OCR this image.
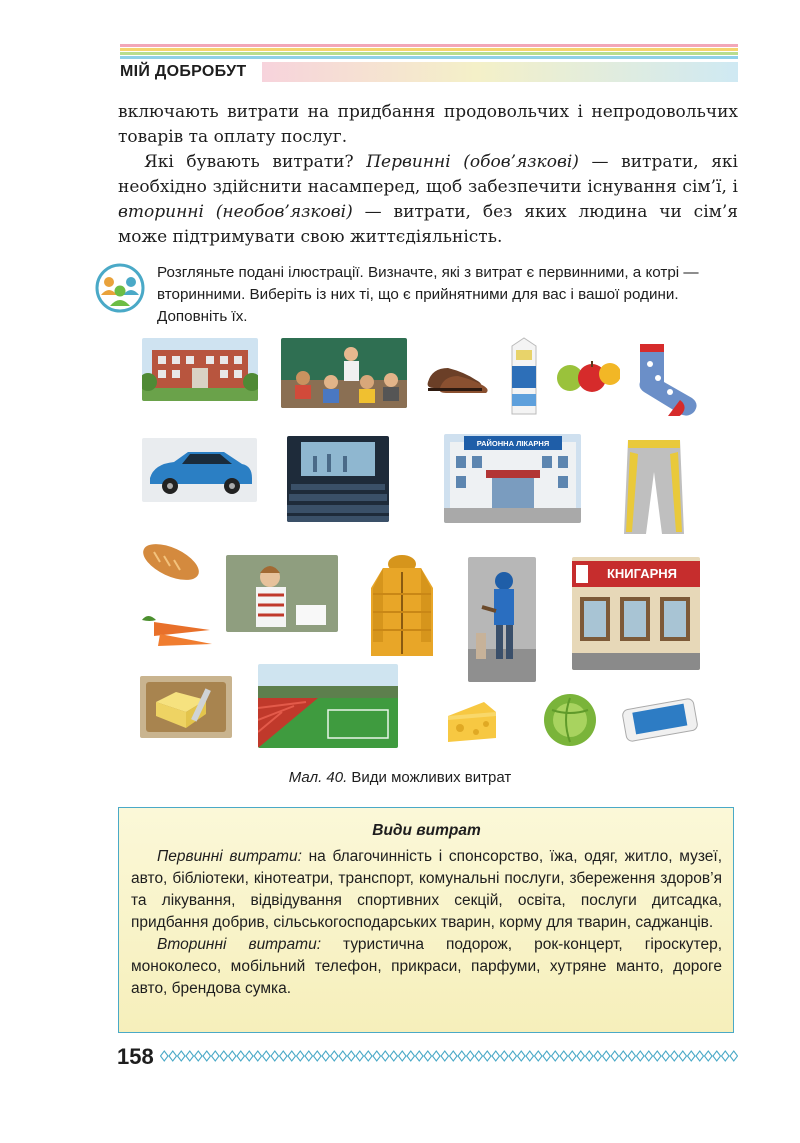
МІЙ ДОБРОБУТ

включають витрати на придбання продовольчих і непродовольчих товарів та оплату послуг.

Які бувають витрати? Первинні (обов’язкові) — витрати, які необхідно здійснити насамперед, щоб забезпечити існування сім’ї, і вторинні (необов’язкові) — витрати, без яких людина чи сім’я може підтримувати свою життєдіяльність.

Розгляньте подані ілюстрації. Визначте, які з витрат є первинними, а котрі — вторинними. Виберіть із них ті, що є прийнятними для вас і вашої родини. Доповніть їх.
РАЙОННА ЛІКАРНЯ
КНИГАРНЯ
Мал. 40. Види можливих витрат
Види витрат

Первинні витрати: на благочинність і спонсорство, їжа, одяг, житло, музеї, авто, бібліотеки, кінотеатри, транспорт, комунальні послуги, збереження здоров’я та лікування, відвідування спортивних секцій, освіта, послуги дитсадка, придбання добрив, сільськогосподарських тварин, корму для тварин, саджанців.

Вторинні витрати: туристична подорож, рок-концерт, гіроскутер, моноколесо, мобільний телефон, прикраси, парфуми, хутряне манто, дороге авто, брендова сумка.

158
